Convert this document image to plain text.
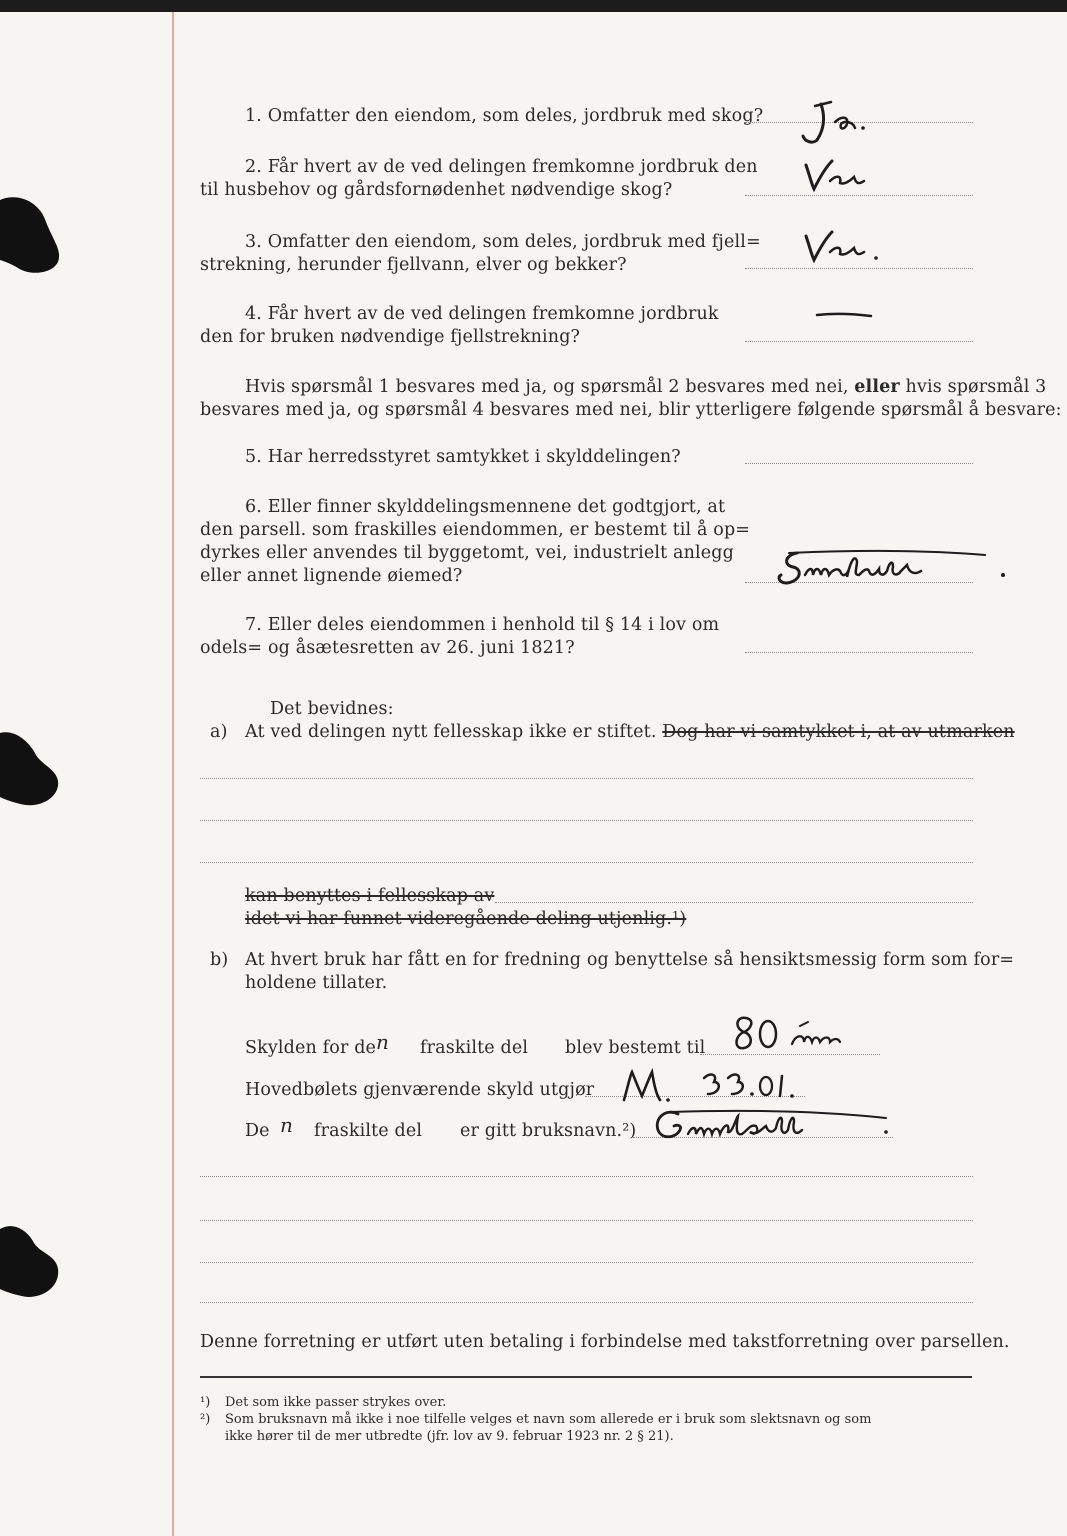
1. Omfatter den eiendom, som deles, jordbruk med skog?
2. Får hvert av de ved delingen fremkomne jordbruk den
til husbehov og gårdsfornødenhet nødvendige skog?
3. Omfatter den eiendom, som deles, jordbruk med fjell=
strekning, herunder fjellvann, elver og bekker?
4. Får hvert av de ved delingen fremkomne jordbruk
den for bruken nødvendige fjellstrekning?
Hvis spørsmål 1 besvares med ja, og spørsmål 2 besvares med nei, eller hvis spørsmål 3
besvares med ja, og spørsmål 4 besvares med nei, blir ytterligere følgende spørsmål å besvare:
5. Har herredsstyret samtykket i skylddelingen?
6. Eller finner skylddelingsmennene det godtgjort, at
den parsell. som fraskilles eiendommen, er bestemt til å op=
dyrkes eller anvendes til byggetomt, vei, industrielt anlegg
eller annet lignende øiemed?
7. Eller deles eiendommen i henhold til § 14 i lov om
odels= og åsætesretten av 26. juni 1821?
Det bevidnes:
a) At ved delingen nytt fellesskap ikke er stiftet. Dog har vi samtykket i, at av utmarken
kan benyttes i fellesskap av
idet vi har funnet videregående deling utjenlig.¹)
b) At hvert bruk har fått en for fredning og benyttelse så hensiktsmessig form som for=
holdene tillater.
Skylden for de n fraskilte del blev bestemt til
Hovedbølets gjenværende skyld utgjør
De n fraskilte del er gitt bruksnavn.²)
Denne forretning er utført uten betaling i forbindelse med takstforretning over parsellen.
¹) Det som ikke passer strykes over.
²) Som bruksnavn må ikke i noe tilfelle velges et navn som allerede er i bruk som slektsnavn og som
ikke hører til de mer utbredte (jfr. lov av 9. februar 1923 nr. 2 § 21).
